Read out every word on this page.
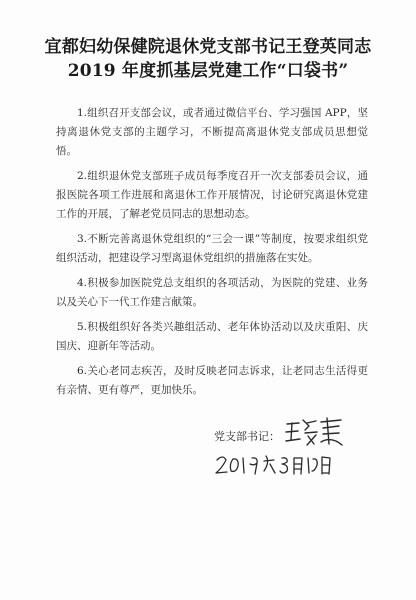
宜都妇幼保健院退休党支部书记王登英同志
2019 年度抓基层党建工作“口袋书”

1.组织召开支部会议，或者通过微信平台、学习强国 APP，坚持离退休党支部的主题学习，不断提高离退休党支部成员思想觉悟。

2.组织退休党支部班子成员每季度召开一次支部委员会议，通报医院各项工作进展和离退休工作开展情况，讨论研究离退休党建工作的开展，了解老党员同志的思想动态。

3.不断完善离退休党组织的“三会一课”等制度，按要求组织党组织活动，把建设学习型离退休党组织的措施落在实处。

4.积极参加医院党总支组织的各项活动，为医院的党建、业务以及关心下一代工作建言献策。

5.积极组织好各类兴趣组活动、老年体协活动以及庆重阳、庆国庆、迎新年等活动。

6.关心老同志疾苦，及时反映老同志诉求，让老同志生活得更有亲情、更有尊严，更加快乐。

党支部书记：
